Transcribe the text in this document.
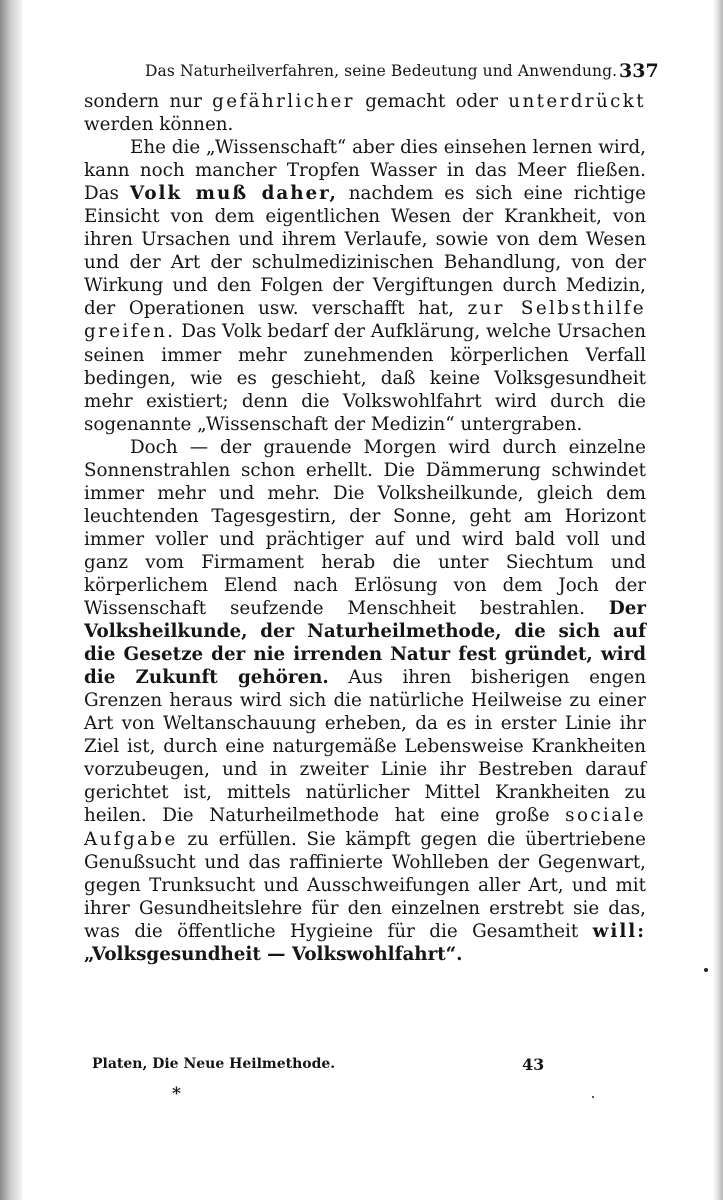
Das Naturheilverfahren, seine Bedeutung und Anwendung. 337

sondern nur gefährlicher gemacht oder unterdrückt werden können.

Ehe die „Wissenschaft“ aber dies einsehen lernen wird, kann noch mancher Tropfen Wasser in das Meer fließen. Das Volk muß daher, nachdem es sich eine richtige Einsicht von dem eigentlichen Wesen der Krankheit, von ihren Ursachen und ihrem Verlaufe, sowie von dem Wesen und der Art der schulmedizinischen Behandlung, von der Wirkung und den Folgen der Vergiftungen durch Medizin, der Operationen usw. verschafft hat, zur Selbsthilfe greifen. Das Volk bedarf der Aufklärung, welche Ursachen seinen immer mehr zunehmenden körperlichen Verfall bedingen, wie es geschieht, daß keine Volksgesundheit mehr existiert; denn die Volkswohlfahrt wird durch die sogenannte „Wissenschaft der Medizin“ untergraben.

Doch — der grauende Morgen wird durch einzelne Sonnenstrahlen schon erhellt. Die Dämmerung schwindet immer mehr und mehr. Die Volksheilkunde, gleich dem leuchtenden Tagesgestirn, der Sonne, geht am Horizont immer voller und prächtiger auf und wird bald voll und ganz vom Firmament herab die unter Siechtum und körperlichem Elend nach Erlösung von dem Joch der Wissenschaft seufzende Menschheit bestrahlen. Der Volksheilkunde, der Naturheilmethode, die sich auf die Gesetze der nie irrenden Natur fest gründet, wird die Zukunft gehören. Aus ihren bisherigen engen Grenzen heraus wird sich die natürliche Heilweise zu einer Art von Weltanschauung erheben, da es in erster Linie ihr Ziel ist, durch eine naturgemäße Lebensweise Krankheiten vorzubeugen, und in zweiter Linie ihr Bestreben darauf gerichtet ist, mittels natürlicher Mittel Krankheiten zu heilen. Die Naturheilmethode hat eine große sociale Aufgabe zu erfüllen. Sie kämpft gegen die übertriebene Genußsucht und das raffinierte Wohlleben der Gegenwart, gegen Trunksucht und Ausschweifungen aller Art, und mit ihrer Gesundheitslehre für den einzelnen erstrebt sie das, was die öffentliche Hygieine für die Gesamtheit will: „Volksgesundheit — Volkswohlfahrt“.

Platen, Die Neue Heilmethode.	43
*
